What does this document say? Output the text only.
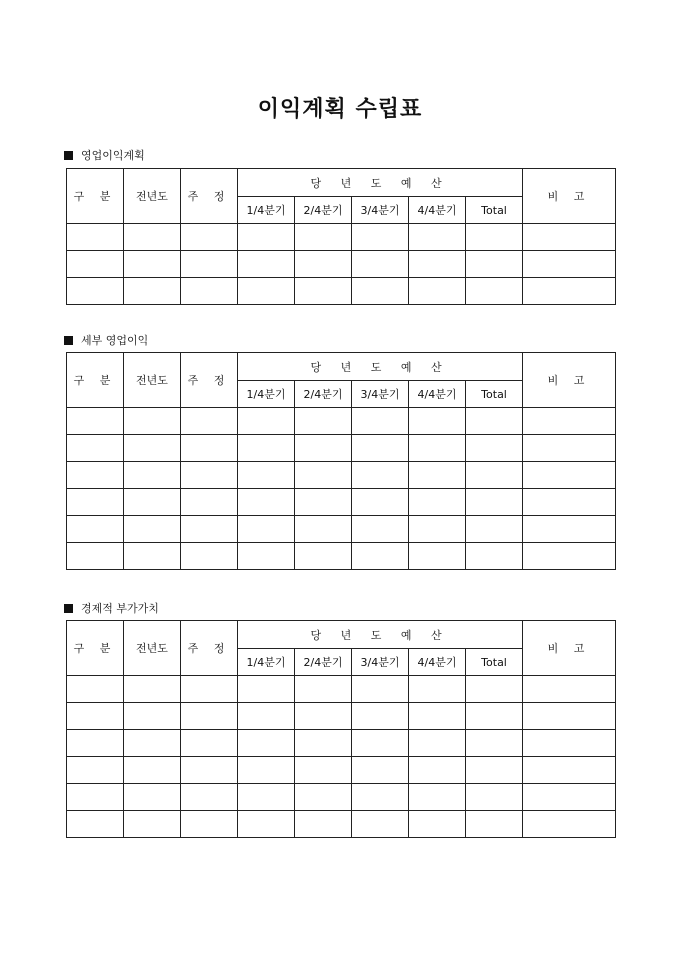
이익계획 수립표
영업이익계획
구 분	전년도	주 정	당 년 도 예 산					비 고
			1/4분기	2/4분기	3/4분기	4/4분기	Total	

세부 영업이익
구 분	전년도	주 정	당 년 도 예 산					비 고
			1/4분기	2/4분기	3/4분기	4/4분기	Total	

경제적 부가가치
구 분	전년도	주 정	당 년 도 예 산					비 고
			1/4분기	2/4분기	3/4분기	4/4분기	Total	
